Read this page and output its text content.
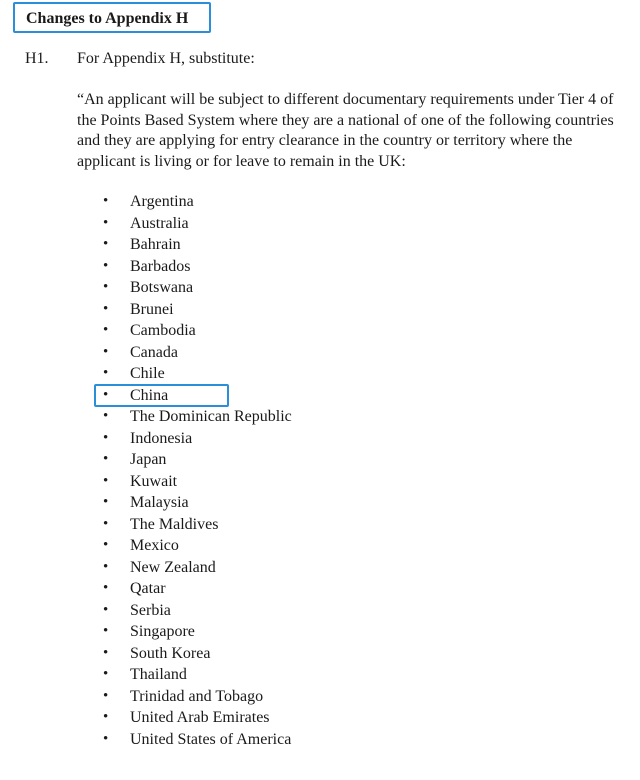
Changes to Appendix H
H1. For Appendix H, substitute:
“An applicant will be subject to different documentary requirements under Tier 4 of the Points Based System where they are a national of one of the following countries and they are applying for entry clearance in the country or territory where the applicant is living or for leave to remain in the UK:
• Argentina
• Australia
• Bahrain
• Barbados
• Botswana
• Brunei
• Cambodia
• Canada
• Chile
• China
• The Dominican Republic
• Indonesia
• Japan
• Kuwait
• Malaysia
• The Maldives
• Mexico
• New Zealand
• Qatar
• Serbia
• Singapore
• South Korea
• Thailand
• Trinidad and Tobago
• United Arab Emirates
• United States of America
